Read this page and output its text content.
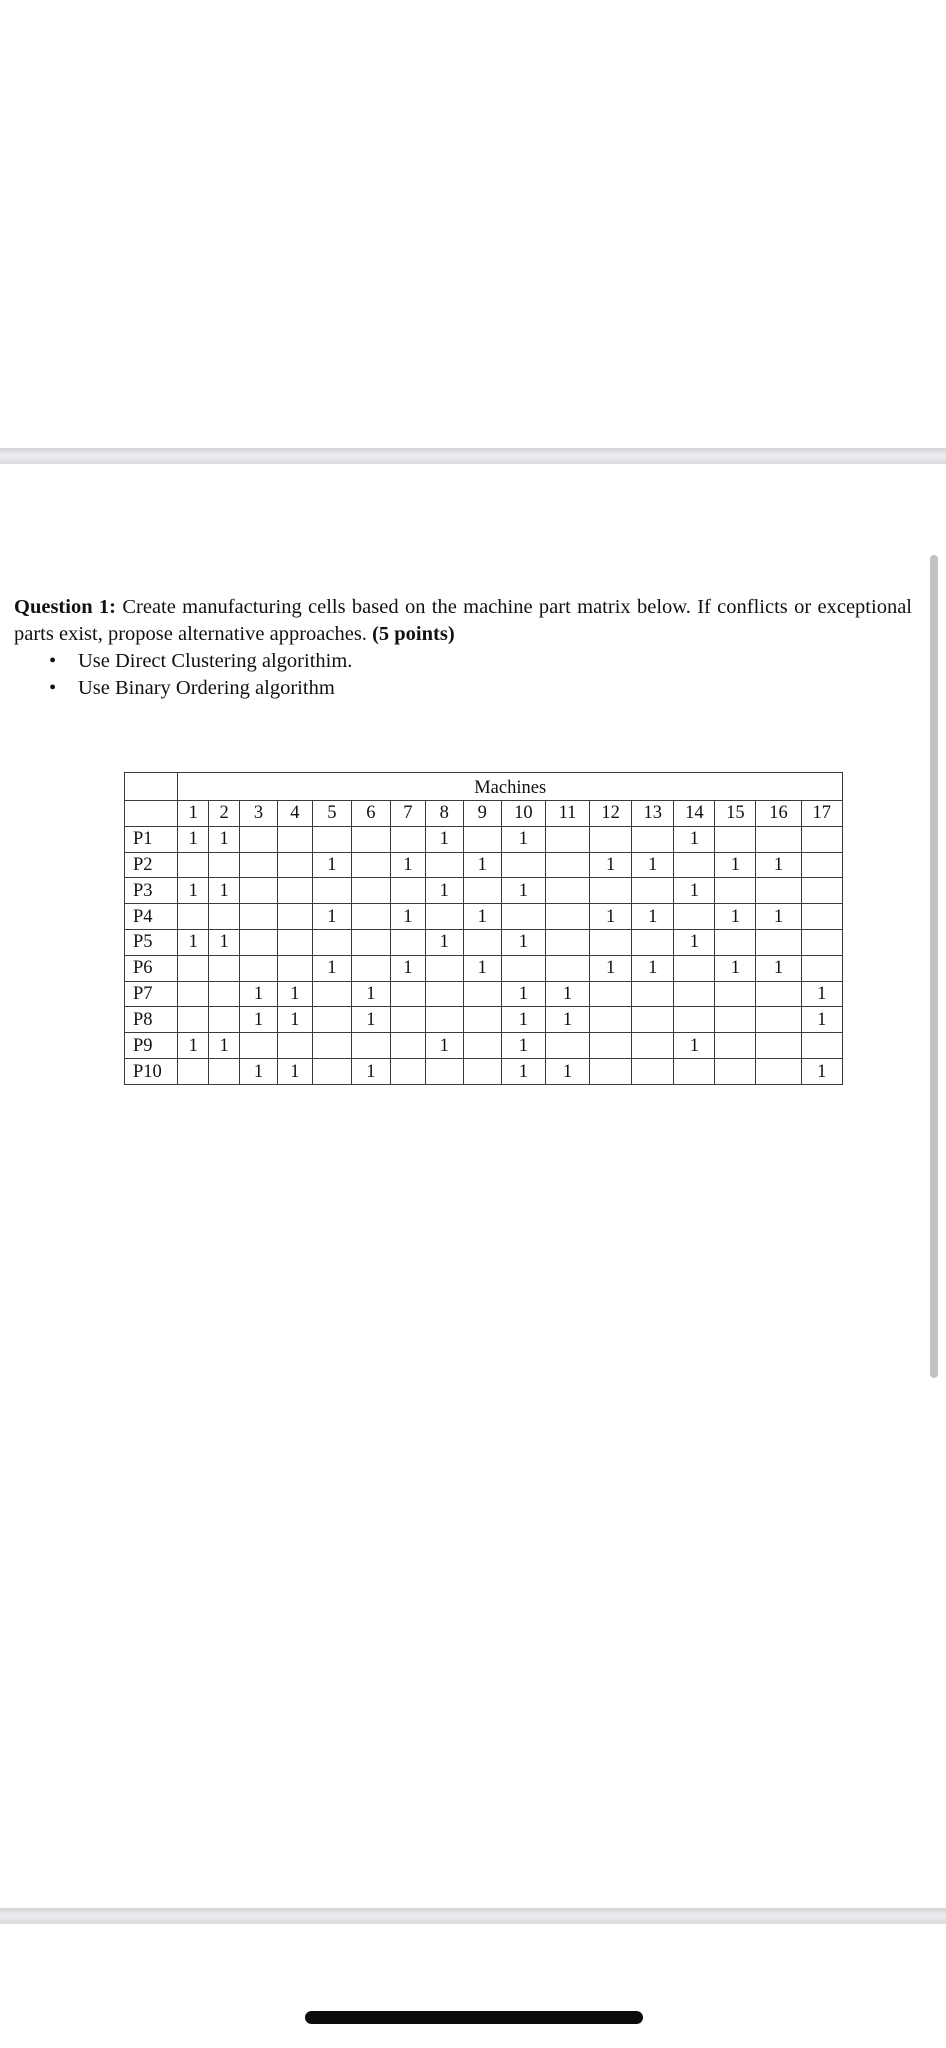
Question 1: Create manufacturing cells based on the machine part matrix below. If conflicts or exceptional parts exist, propose alternative approaches. (5 points)

•	Use Direct Clustering algorithim.
•	Use Binary Ordering algorithm
	Machines																
	1	2	3	4	5	6	7	8	9	10	11	12	13	14	15	16	17
P1	1	1						1		1				1			
P2					1		1		1			1	1		1	1	
P3	1	1						1		1				1			
P4					1		1		1			1	1		1	1	
P5	1	1						1		1				1			
P6					1		1		1			1	1		1	1	
P7			1	1		1				1	1						1
P8			1	1		1				1	1						1
P9	1	1						1		1				1			
P10			1	1		1				1	1						1
